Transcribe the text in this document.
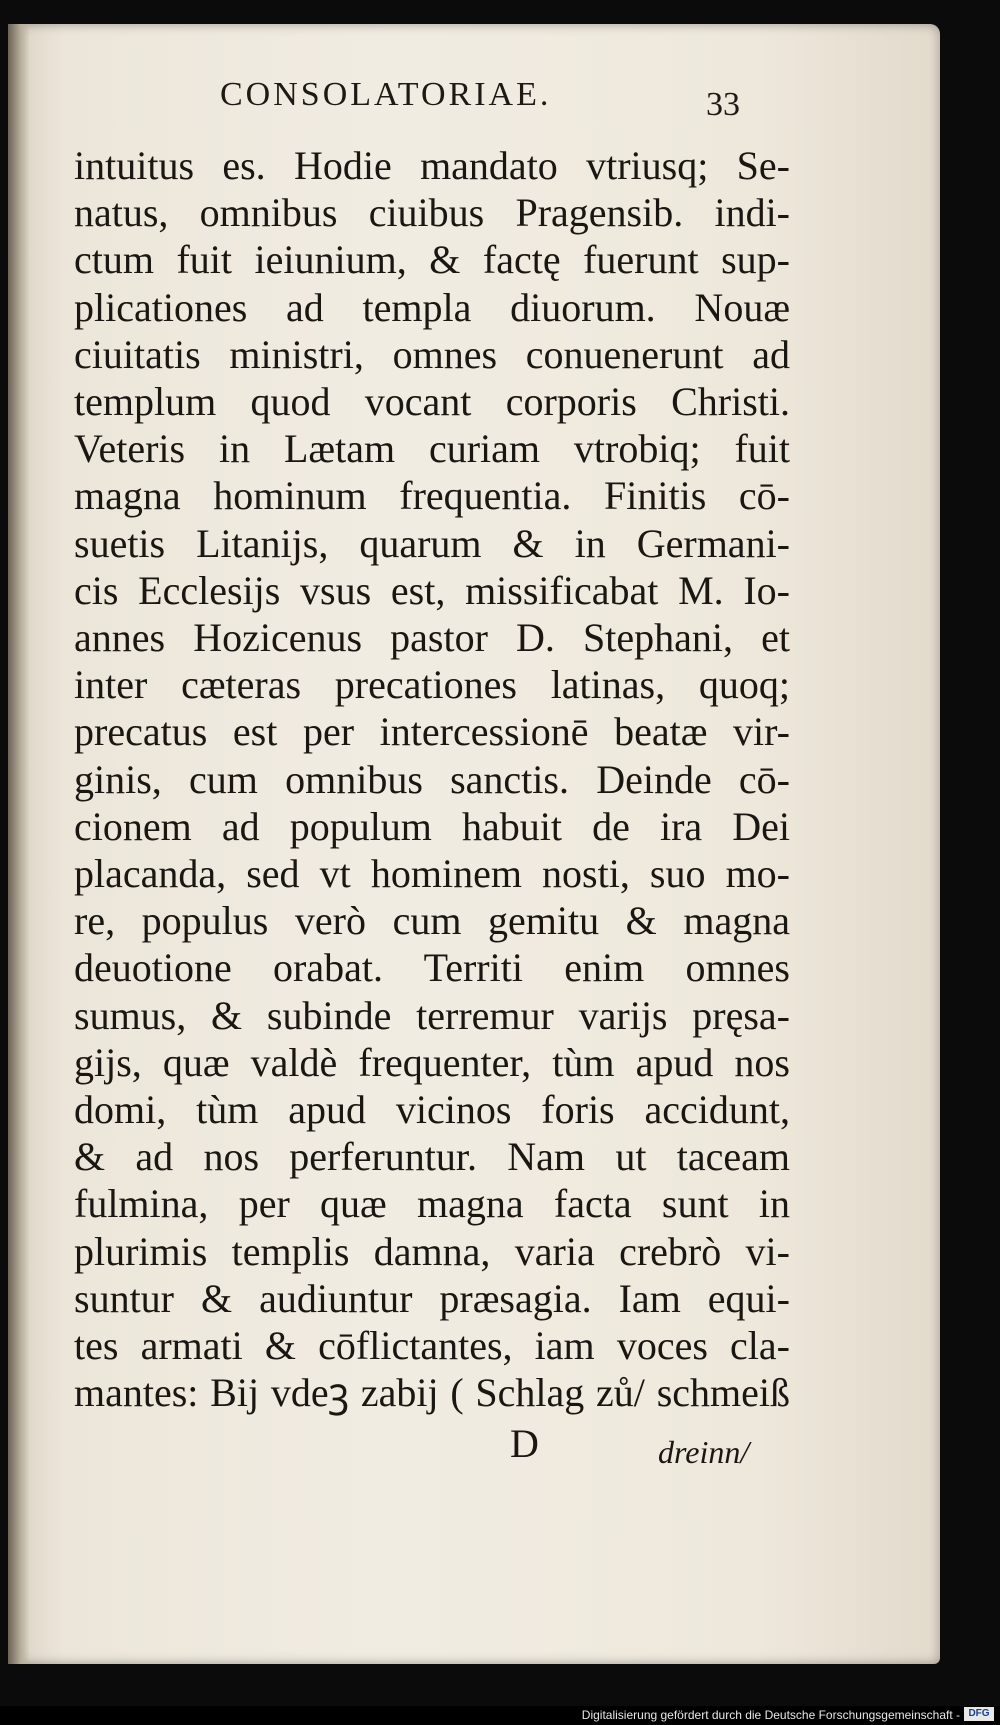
CONSOLATORIAE.	33
intuitus es. Hodie mandato vtriusq; Se-
natus, omnibus ciuibus Pragensib. indi-
ctum fuit ieiunium, & factę fuerunt sup-
plicationes ad templa diuorum. Nouæ
ciuitatis ministri, omnes conuenerunt ad
templum quod vocant corporis Christi.
Veteris in Lætam curiam vtrobiq; fuit
magna hominum frequentia. Finitis cō-
suetis Litanijs, quarum & in Germani-
cis Ecclesijs vsus est, missificabat M. Io-
annes Hozicenus pastor D. Stephani, et
inter cæteras precationes latinas, quoq;
precatus est per intercessionē beatæ vir-
ginis, cum omnibus sanctis. Deinde cō-
cionem ad populum habuit de ira Dei
placanda, sed vt hominem nosti, suo mo-
re, populus verò cum gemitu & magna
deuotione orabat. Territi enim omnes
sumus, & subinde terremur varijs pręsa-
gijs, quæ valdè frequenter, tùm apud nos
domi, tùm apud vicinos foris accidunt,
& ad nos perferuntur. Nam ut taceam
fulmina, per quæ magna facta sunt in
plurimis templis damna, varia crebrò vi-
suntur & audiuntur præsagia. Iam equi-
tes armati & cōflictantes, iam voces cla-
mantes: Bij vdeꝫ zabij ( Schlag zů/ schmeiß
D	dreinn/
Digitalisierung gefördert durch die Deutsche Forschungsgemeinschaft - DFG
